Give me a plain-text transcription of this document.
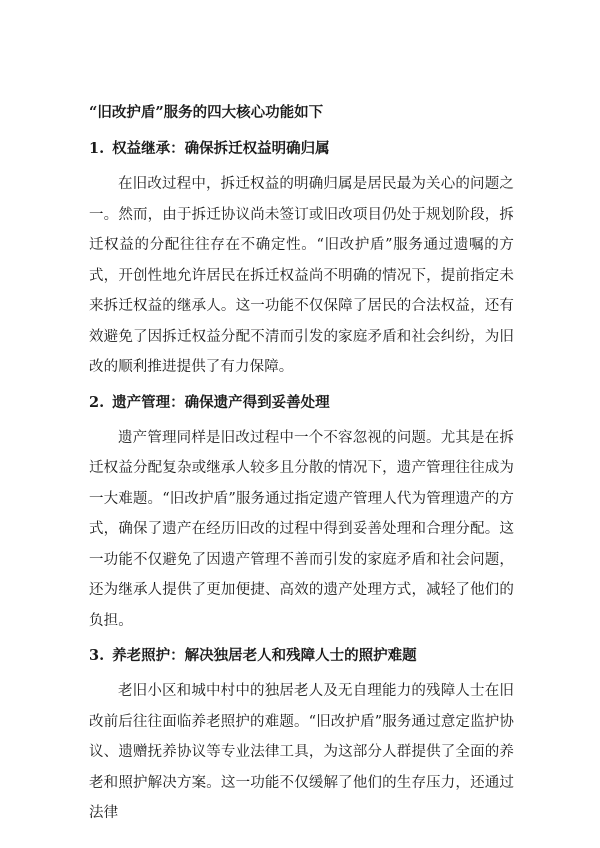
“旧改护盾”服务的四大核心功能如下

1. 权益继承：确保拆迁权益明确归属

在旧改过程中，拆迁权益的明确归属是居民最为关心的问题之一。然而，由于拆迁协议尚未签订或旧改项目仍处于规划阶段，拆迁权益的分配往往存在不确定性。“旧改护盾”服务通过遗嘱的方式，开创性地允许居民在拆迁权益尚不明确的情况下，提前指定未来拆迁权益的继承人。这一功能不仅保障了居民的合法权益，还有效避免了因拆迁权益分配不清而引发的家庭矛盾和社会纠纷，为旧改的顺利推进提供了有力保障。

2. 遗产管理：确保遗产得到妥善处理

遗产管理同样是旧改过程中一个不容忽视的问题。尤其是在拆迁权益分配复杂或继承人较多且分散的情况下，遗产管理往往成为一大难题。“旧改护盾”服务通过指定遗产管理人代为管理遗产的方式，确保了遗产在经历旧改的过程中得到妥善处理和合理分配。这一功能不仅避免了因遗产管理不善而引发的家庭矛盾和社会问题，还为继承人提供了更加便捷、高效的遗产处理方式，减轻了他们的负担。

3. 养老照护：解决独居老人和残障人士的照护难题

老旧小区和城中村中的独居老人及无自理能力的残障人士在旧改前后往往面临养老照护的难题。“旧改护盾”服务通过意定监护协议、遗赠抚养协议等专业法律工具，为这部分人群提供了全面的养老和照护解决方案。这一功能不仅缓解了他们的生存压力，还通过法律
